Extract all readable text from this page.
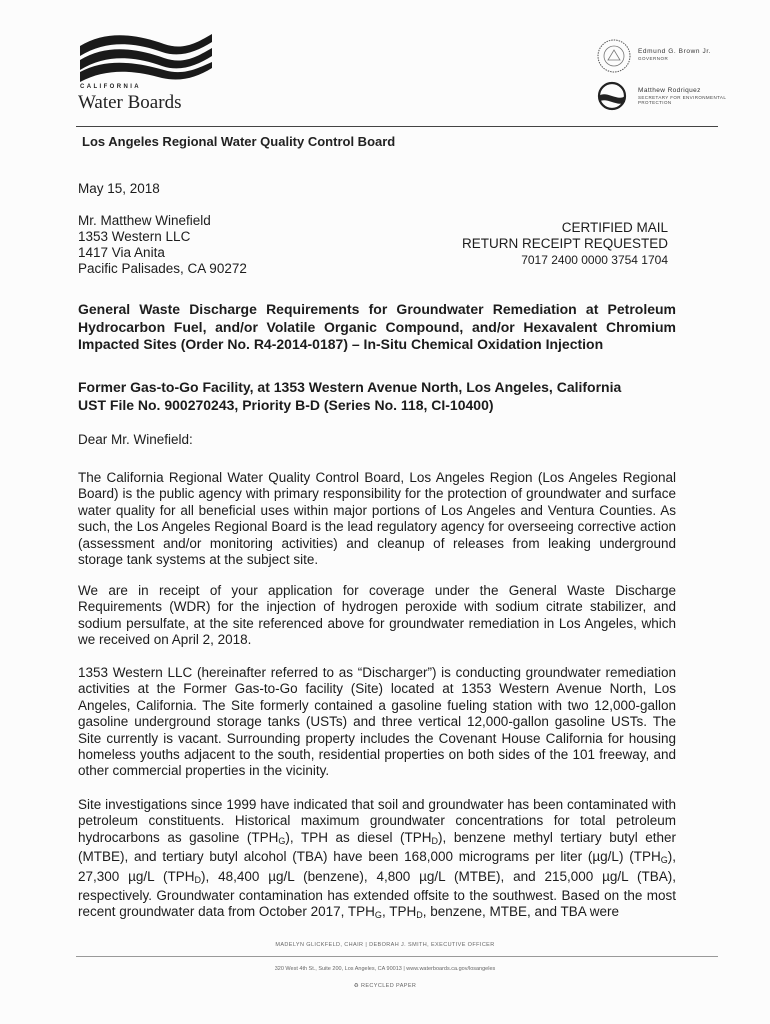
CALIFORNIA
Water Boards
Edmund G. Brown Jr.
GOVERNOR
Matthew Rodriquez
SECRETARY FOR ENVIRONMENTAL PROTECTION
Los Angeles Regional Water Quality Control Board
May 15, 2018
Mr. Matthew Winefield
1353 Western LLC
1417 Via Anita
Pacific Palisades, CA 90272
CERTIFIED MAIL
RETURN RECEIPT REQUESTED
7017 2400 0000 3754 1704
General Waste Discharge Requirements for Groundwater Remediation at Petroleum Hydrocarbon Fuel, and/or Volatile Organic Compound, and/or Hexavalent Chromium Impacted Sites (Order No. R4-2014-0187) – In-Situ Chemical Oxidation Injection
Former Gas-to-Go Facility, at 1353 Western Avenue North, Los Angeles, California
UST File No. 900270243, Priority B-D (Series No. 118, CI-10400)
Dear Mr. Winefield:
The California Regional Water Quality Control Board, Los Angeles Region (Los Angeles Regional Board) is the public agency with primary responsibility for the protection of groundwater and surface water quality for all beneficial uses within major portions of Los Angeles and Ventura Counties. As such, the Los Angeles Regional Board is the lead regulatory agency for overseeing corrective action (assessment and/or monitoring activities) and cleanup of releases from leaking underground storage tank systems at the subject site.
We are in receipt of your application for coverage under the General Waste Discharge Requirements (WDR) for the injection of hydrogen peroxide with sodium citrate stabilizer, and sodium persulfate, at the site referenced above for groundwater remediation in Los Angeles, which we received on April 2, 2018.
1353 Western LLC (hereinafter referred to as “Discharger”) is conducting groundwater remediation activities at the Former Gas-to-Go facility (Site) located at 1353 Western Avenue North, Los Angeles, California. The Site formerly contained a gasoline fueling station with two 12,000-gallon gasoline underground storage tanks (USTs) and three vertical 12,000-gallon gasoline USTs. The Site currently is vacant. Surrounding property includes the Covenant House California for housing homeless youths adjacent to the south, residential properties on both sides of the 101 freeway, and other commercial properties in the vicinity.
Site investigations since 1999 have indicated that soil and groundwater has been contaminated with petroleum constituents. Historical maximum groundwater concentrations for total petroleum hydrocarbons as gasoline $(TPH_G)$, TPH as diesel $(TPH_D)$, benzene methyl tertiary butyl ether (MTBE), and tertiary butyl alcohol (TBA) have been 168,000 micrograms per liter (µg/L) $(TPH_G)$, 27,300 µg/L $(TPH_D)$, 48,400 µg/L (benzene), 4,800 µg/L (MTBE), and 215,000 µg/L (TBA), respectively. Groundwater contamination has extended offsite to the southwest. Based on the most recent groundwater data from October 2017, $TPH_G$, $TPH_D$, benzene, MTBE, and TBA were
MADELYN GLICKFELD, CHAIR | DEBORAH J. SMITH, EXECUTIVE OFFICER
320 West 4th St., Suite 200, Los Angeles, CA 90013 | www.waterboards.ca.gov/losangeles
♻ RECYCLED PAPER
